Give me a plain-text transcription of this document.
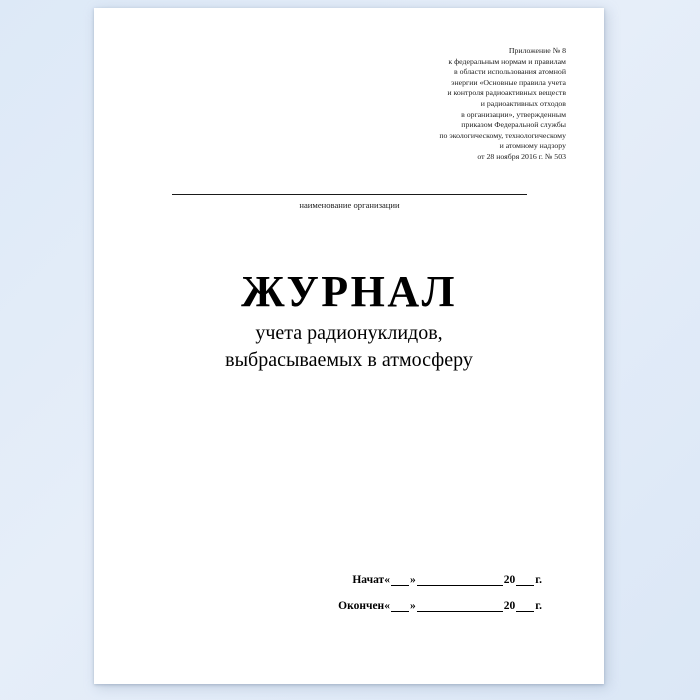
Приложение № 8
к федеральным нормам и правилам
в области использования атомной
энергии «Основные правила учета
и контроля радиоактивных веществ
и радиоактивных отходов
в организации», утвержденным
приказом Федеральной службы
по экологическому, технологическому
и атомному надзору
от 28 ноября 2016 г. № 503
наименование организации
ЖУРНАЛ
учета радионуклидов,
выбрасываемых в атмосферу
Начат « »	20 г.
Окончен « »	20 г.
